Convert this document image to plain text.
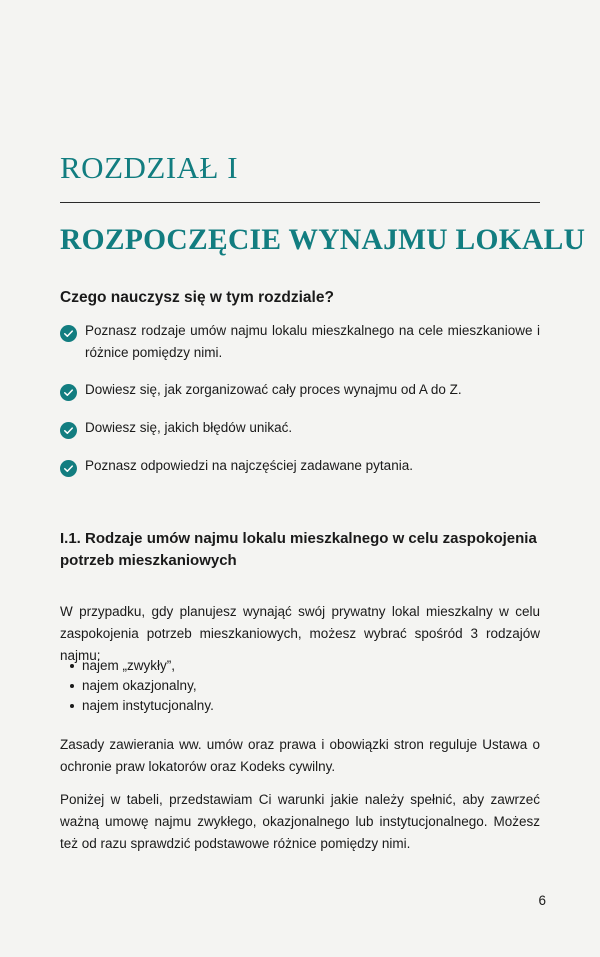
ROZDZIAŁ I
ROZPOCZĘCIE WYNAJMU LOKALU
Czego nauczysz się w tym rozdziale?
Poznasz rodzaje umów najmu lokalu mieszkalnego na cele mieszkaniowe i różnice pomiędzy nimi.
Dowiesz się, jak zorganizować cały proces wynajmu od A do Z.
Dowiesz się, jakich błędów unikać.
Poznasz odpowiedzi na najczęściej zadawane pytania.
I.1. Rodzaje umów najmu lokalu mieszkalnego w celu zaspokojenia potrzeb mieszkaniowych

W przypadku, gdy planujesz wynająć swój prywatny lokal mieszkalny w celu zaspokojenia potrzeb mieszkaniowych, możesz wybrać spośród 3 rodzajów najmu:

najem „zwykły”,
najem okazjonalny,
najem instytucjonalny.

Zasady zawierania ww. umów oraz prawa i obowiązki stron reguluje Ustawa o ochronie praw lokatorów oraz Kodeks cywilny.

Poniżej w tabeli, przedstawiam Ci warunki jakie należy spełnić, aby zawrzeć ważną umowę najmu zwykłego, okazjonalnego lub instytucjonalnego. Możesz też od razu sprawdzić podstawowe różnice pomiędzy nimi.

6
